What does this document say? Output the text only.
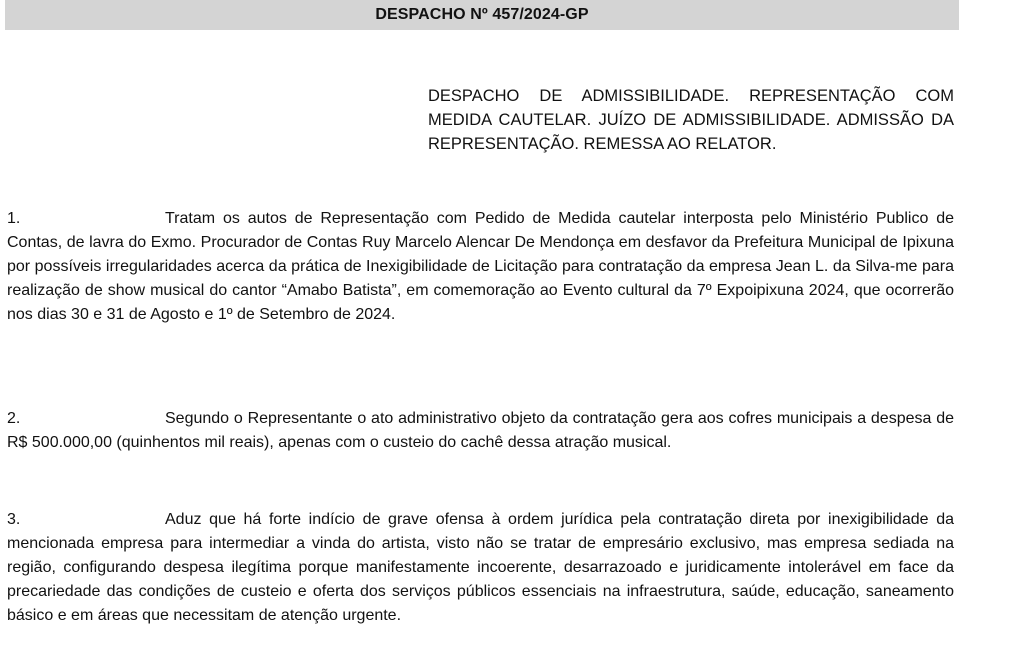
DESPACHO Nº 457/2024-GP
DESPACHO DE ADMISSIBILIDADE. REPRESENTAÇÃO COM MEDIDA CAUTELAR. JUÍZO DE ADMISSIBILIDADE. ADMISSÃO DA REPRESENTAÇÃO. REMESSA AO RELATOR.
1.	Tratam os autos de Representação com Pedido de Medida cautelar interposta pelo Ministério Publico de Contas, de lavra do Exmo. Procurador de Contas Ruy Marcelo Alencar De Mendonça em desfavor da Prefeitura Municipal de Ipixuna por possíveis irregularidades acerca da prática de Inexigibilidade de Licitação para contratação da empresa Jean L. da Silva-me para realização de show musical do cantor “Amabo Batista”, em comemoração ao Evento cultural da 7º Expoipixuna 2024, que ocorrerão nos dias 30 e 31 de Agosto e 1º de Setembro de 2024.
2.	Segundo o Representante o ato administrativo objeto da contratação gera aos cofres municipais a despesa de R$ 500.000,00 (quinhentos mil reais), apenas com o custeio do cachê dessa atração musical.
3.	Aduz que há forte indício de grave ofensa à ordem jurídica pela contratação direta por inexigibilidade da mencionada empresa para intermediar a vinda do artista, visto não se tratar de empresário exclusivo, mas empresa sediada na região, configurando despesa ilegítima porque manifestamente incoerente, desarrazoado e juridicamente intolerável em face da precariedade das condições de custeio e oferta dos serviços públicos essenciais na infraestrutura, saúde, educação, saneamento básico e em áreas que necessitam de atenção urgente.
